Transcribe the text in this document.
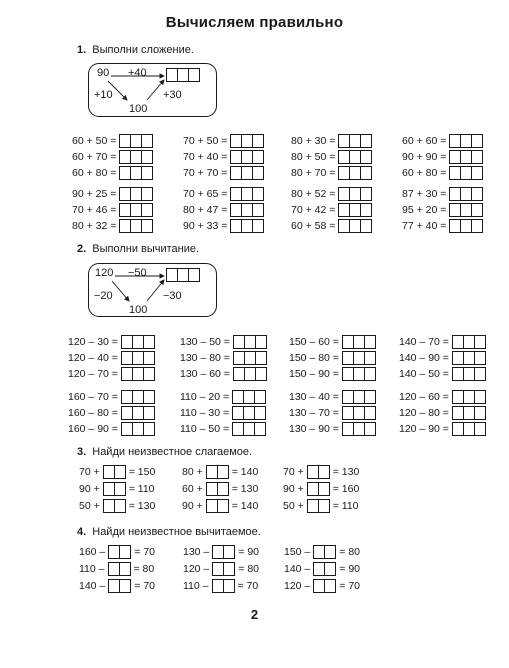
Вычисляем правильно
1. Выполни сложение.
90 +40
+10	+30
100
60 + 50 =	70 + 50 =	80 + 30 =	60 + 60 =
60 + 70 =	70 + 40 =	80 + 50 =	90 + 90 =
60 + 80 =	70 + 70 =	80 + 70 =	60 + 80 =
90 + 25 =	70 + 65 =	80 + 52 =	87 + 30 =
70 + 46 =	80 + 47 =	70 + 42 =	95 + 20 =
80 + 32 =	90 + 33 =	60 + 58 =	77 + 40 =
2. Выполни вычитание.
120 −50
−20	−30
100
120 – 30 =	130 – 50 =	150 – 60 =	140 – 70 =
120 – 40 =	130 – 80 =	150 – 80 =	140 – 90 =
120 – 70 =	130 – 60 =	150 – 90 =	140 – 50 =
160 – 70 =	110 – 20 =	130 – 40 =	120 – 60 =
160 – 80 =	110 – 30 =	130 – 70 =	120 – 80 =
160 – 90 =	110 – 50 =	130 – 90 =	120 – 90 =
3. Найди неизвестное слагаемое.
70 +	= 150	80 +	= 140 70 +	= 130
90 +	= 110	60 +	= 130 90 +	= 160
50 +	= 130	90 +	= 140 50 +	= 110
4. Найди неизвестное вычитаемое.
160 –	= 70	130 –	= 90 150 –	= 80
110 –	= 80	120 –	= 80 140 –	= 90
140 –	= 70	110 –	= 70 120 –	= 70
2
